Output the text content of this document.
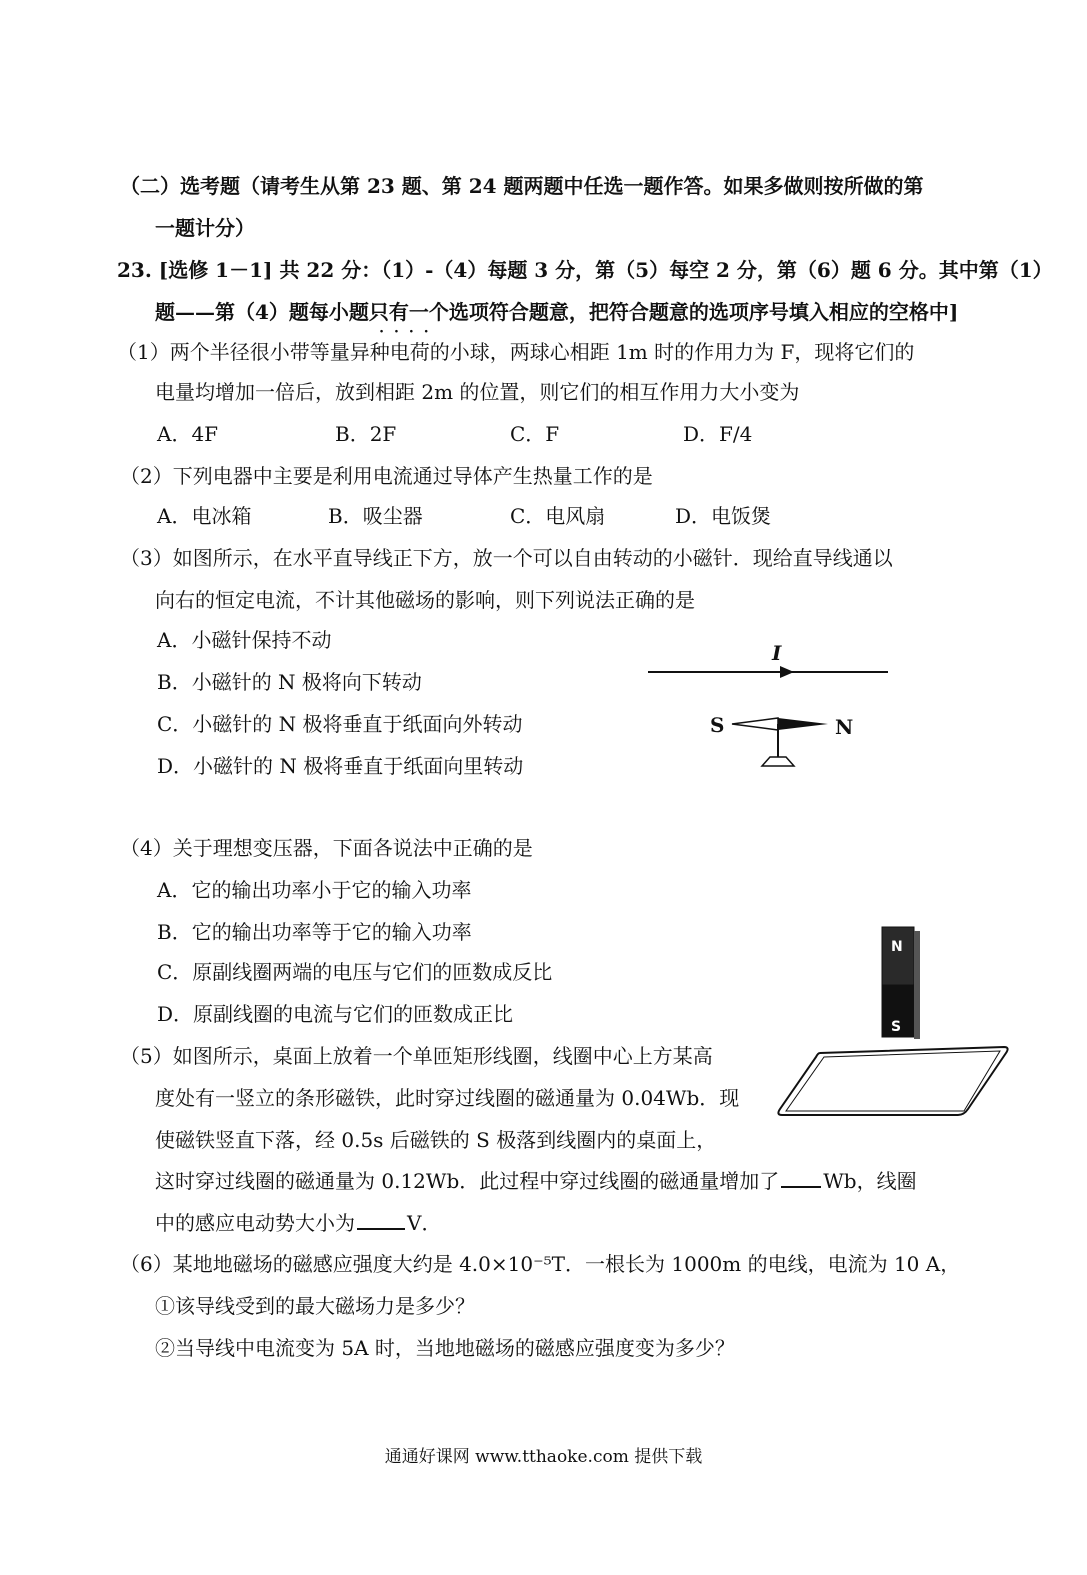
（二）选考题（请考生从第 23 题、第 24 题两题中任选一题作答。如果多做则按所做的第
一题计分）
23. [选修 1－1] 共 22 分：（1）-（4）每题 3 分，第（5）每空 2 分，第（6）题 6 分。其中第（1）
题——第（4）题每小题只有一个
····
选项符合题意，把符合题意的选项序号填入相应的空格中]
（1）两个半径很小带等量异种电荷的小球，两球心相距 1m 时的作用力为 F，现将它们的
电量均增加一倍后，放到相距 2m 的位置，则它们的相互作用力大小变为
A．4F	B．2F	C．F	D．F/4
（2）下列电器中主要是利用电流通过导体产生热量工作的是
A．电冰箱	B．吸尘器	C．电风扇	D．电饭煲
（3）如图所示，在水平直导线正下方，放一个可以自由转动的小磁针．现给直导线通以
向右的恒定电流，不计其他磁场的影响，则下列说法正确的是
A．小磁针保持不动
B．小磁针的 N 极将向下转动
C．小磁针的 N 极将垂直于纸面向外转动
D．小磁针的 N 极将垂直于纸面向里转动
I
S	N
（4）关于理想变压器，下面各说法中正确的是
A．它的输出功率小于它的输入功率
B．它的输出功率等于它的输入功率
C．原副线圈两端的电压与它们的匝数成反比
D．原副线圈的电流与它们的匝数成正比
N
S
（5）如图所示，桌面上放着一个单匝矩形线圈，线圈中心上方某高
度处有一竖立的条形磁铁，此时穿过线圈的磁通量为 0.04Wb．现
使磁铁竖直下落，经 0.5s 后磁铁的 S 极落到线圈内的桌面上，
这时穿过线圈的磁通量为 0.12Wb．此过程中穿过线圈的磁通量增加了 Wb，线圈
中的感应电动势大小为	V．
（6）某地地磁场的磁感应强度大约是 4.0×10⁻⁵T．一根长为 1000m 的电线，电流为 10 A，
①该导线受到的最大磁场力是多少？
②当导线中电流变为 5A 时，当地地磁场的磁感应强度变为多少？
通通好课网 www.tthaoke.com 提供下载
